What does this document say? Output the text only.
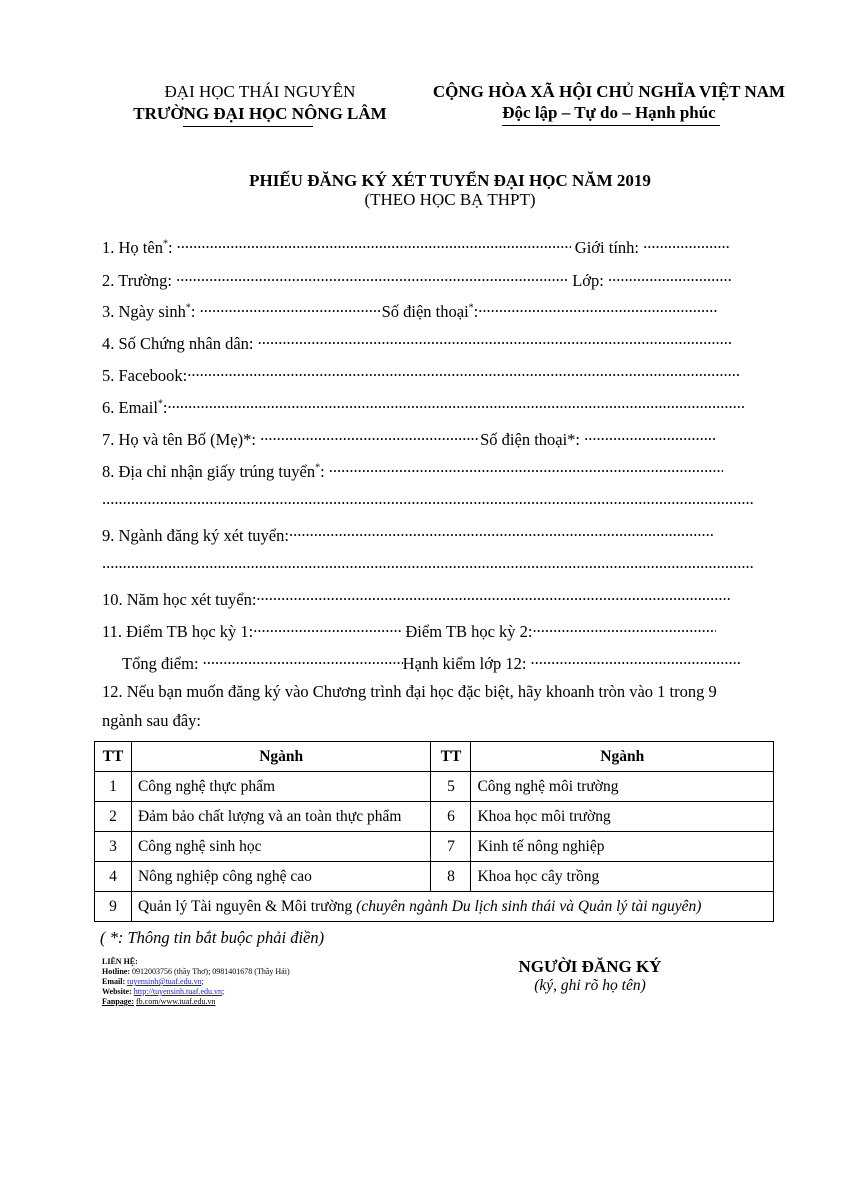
ĐẠI HỌC THÁI NGUYÊN
TRƯỜNG ĐẠI HỌC NÔNG LÂM
CỘNG HÒA XÃ HỘI CHỦ NGHĨA VIỆT NAM
Độc lập – Tự do – Hạnh phúc
PHIẾU ĐĂNG KÝ XÉT TUYỂN ĐẠI HỌC NĂM 2019
(THEO HỌC BẠ THPT)
1. Họ tên*: .....	Giới tính: .....
2. Trường: .....	Lớp: .....
3. Ngày sinh*: .....	Số điện thoại*:.....
4. Số Chứng nhân dân: .....
5. Facebook:.....
6. Email*:.....
7. Họ và tên Bố (Mẹ)*: .....	Số điện thoại*: .....
8. Địa chỉ nhận giấy trúng tuyển*: .....
.....
9. Ngành đăng ký xét tuyển:.....
.....
10. Năm học xét tuyển:.....
11. Điểm TB học kỳ 1: .....	Điểm TB học kỳ 2:.....
Tổng điểm: .....	Hạnh kiểm lớp 12: .....
12. Nếu bạn muốn đăng ký vào Chương trình đại học đặc biệt, hãy khoanh tròn vào 1 trong 9
ngành sau đây:
TT	Ngành	TT	Ngành
1	Công nghệ thực phẩm	5	Công nghệ môi trường
2	Đảm bảo chất lượng và an toàn thực phẩm	6	Khoa học môi trường
3	Công nghệ sinh học	7	Kinh tế nông nghiệp
4	Nông nghiệp công nghệ cao	8	Khoa học cây trồng
9	Quản lý Tài nguyên & Môi trường (chuyên ngành Du lịch sinh thái và Quản lý tài nguyên)		
( *: Thông tin bắt buộc phải điền)
LIÊN HỆ:
Hotline: 0912003756 (thầy Thơ); 0981401678 (Thầy Hải)
Email: tuyensinh@tuaf.edu.vn;
Website: http://tuyensinh.tuaf.edu.vn;
Fanpage: fb.com/www.tuaf.edu.vn
NGƯỜI ĐĂNG KÝ
(ký, ghi rõ họ tên)
